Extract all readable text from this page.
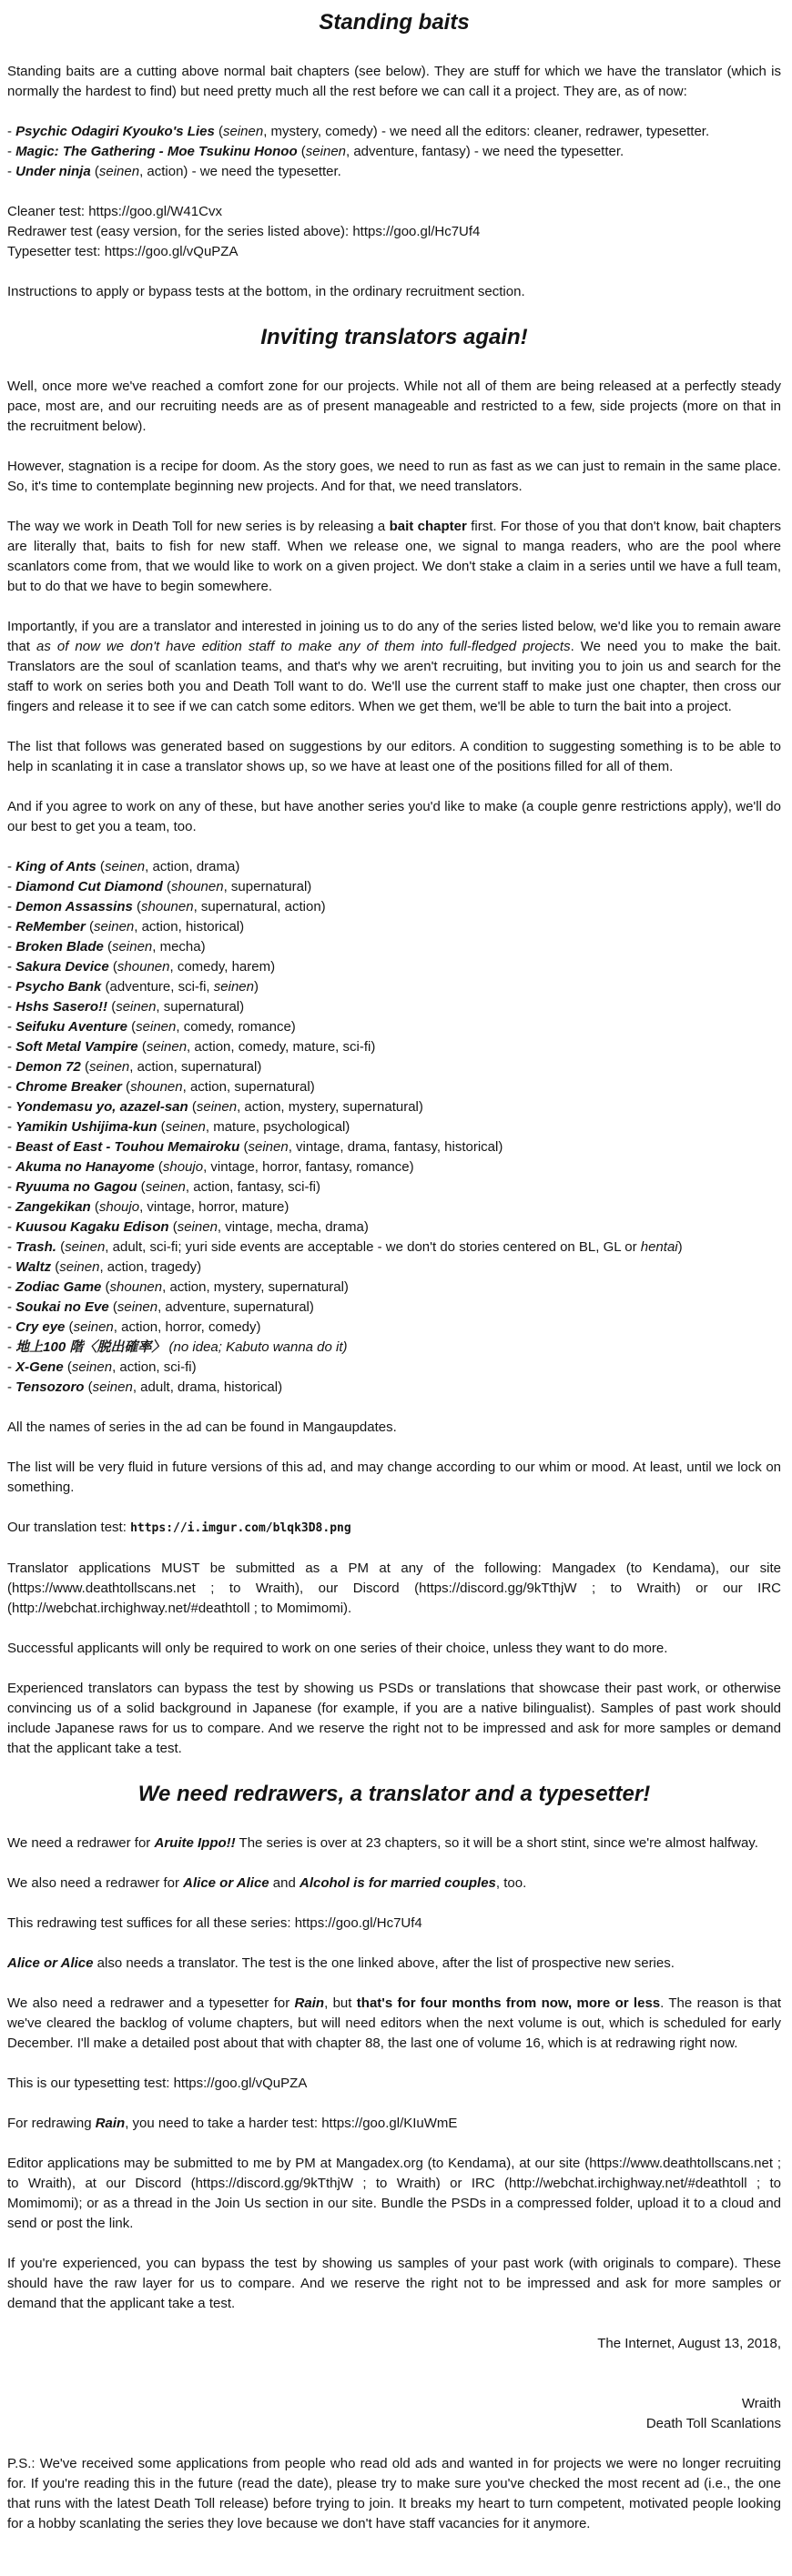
Standing baits

Standing baits are a cutting above normal bait chapters (see below). They are stuff for which we have the translator (which is normally the hardest to find) but need pretty much all the rest before we can call it a project. They are, as of now:

- Psychic Odagiri Kyouko's Lies (seinen, mystery, comedy) - we need all the editors: cleaner, redrawer, typesetter.
- Magic: The Gathering - Moe Tsukinu Honoo (seinen, adventure, fantasy) - we need the typesetter.
- Under ninja (seinen, action) - we need the typesetter.
Cleaner test: https://goo.gl/W41Cvx
Redrawer test (easy version, for the series listed above): https://goo.gl/Hc7Uf4
Typesetter test: https://goo.gl/vQuPZA

Instructions to apply or bypass tests at the bottom, in the ordinary recruitment section.

Inviting translators again!

Well, once more we've reached a comfort zone for our projects. While not all of them are being released at a perfectly steady pace, most are, and our recruiting needs are as of present manageable and restricted to a few, side projects (more on that in the recruitment below).

However, stagnation is a recipe for doom. As the story goes, we need to run as fast as we can just to remain in the same place. So, it's time to contemplate beginning new projects. And for that, we need translators.

The way we work in Death Toll for new series is by releasing a bait chapter first. For those of you that don't know, bait chapters are literally that, baits to fish for new staff. When we release one, we signal to manga readers, who are the pool where scanlators come from, that we would like to work on a given project. We don't stake a claim in a series until we have a full team, but to do that we have to begin somewhere.

Importantly, if you are a translator and interested in joining us to do any of the series listed below, we'd like you to remain aware that as of now we don't have edition staff to make any of them into full-fledged projects. We need you to make the bait. Translators are the soul of scanlation teams, and that's why we aren't recruiting, but inviting you to join us and search for the staff to work on series both you and Death Toll want to do. We'll use the current staff to make just one chapter, then cross our fingers and release it to see if we can catch some editors. When we get them, we'll be able to turn the bait into a project.

The list that follows was generated based on suggestions by our editors. A condition to suggesting something is to be able to help in scanlating it in case a translator shows up, so we have at least one of the positions filled for all of them.

And if you agree to work on any of these, but have another series you'd like to make (a couple genre restrictions apply), we'll do our best to get you a team, too.

- King of Ants (seinen, action, drama)
- Diamond Cut Diamond (shounen, supernatural)
- Demon Assassins (shounen, supernatural, action)
- ReMember (seinen, action, historical)
- Broken Blade (seinen, mecha)
- Sakura Device (shounen, comedy, harem)
- Psycho Bank (adventure, sci-fi, seinen)
- Hshs Sasero!! (seinen, supernatural)
- Seifuku Aventure (seinen, comedy, romance)
- Soft Metal Vampire (seinen, action, comedy, mature, sci-fi)
- Demon 72 (seinen, action, supernatural)
- Chrome Breaker (shounen, action, supernatural)
- Yondemasu yo, azazel-san (seinen, action, mystery, supernatural)
- Yamikin Ushijima-kun (seinen, mature, psychological)
- Beast of East - Touhou Memairoku (seinen, vintage, drama, fantasy, historical)
- Akuma no Hanayome (shoujo, vintage, horror, fantasy, romance)
- Ryuuma no Gagou (seinen, action, fantasy, sci-fi)
- Zangekikan (shoujo, vintage, horror, mature)
- Kuusou Kagaku Edison (seinen, vintage, mecha, drama)
- Trash. (seinen, adult, sci-fi; yuri side events are acceptable - we don't do stories centered on BL, GL or hentai)
- Waltz (seinen, action, tragedy)
- Zodiac Game (shounen, action, mystery, supernatural)
- Soukai no Eve (seinen, adventure, supernatural)
- Cry eye (seinen, action, horror, comedy)
- 地上100 階〈脱出確率〉 (no idea; Kabuto wanna do it)
- X-Gene (seinen, action, sci-fi)
- Tensozoro (seinen, adult, drama, historical)

All the names of series in the ad can be found in Mangaupdates.

The list will be very fluid in future versions of this ad, and may change according to our whim or mood. At least, until we lock on something.

Our translation test: https://i.imgur.com/blqk3D8.png

Translator applications MUST be submitted as a PM at any of the following: Mangadex (to Kendama), our site (https://www.deathtollscans.net ; to Wraith), our Discord (https://discord.gg/9kTthjW ; to Wraith) or our IRC (http://webchat.irchighway.net/#deathtoll ; to Momimomi).

Successful applicants will only be required to work on one series of their choice, unless they want to do more.

Experienced translators can bypass the test by showing us PSDs or translations that showcase their past work, or otherwise convincing us of a solid background in Japanese (for example, if you are a native bilingualist). Samples of past work should include Japanese raws for us to compare. And we reserve the right not to be impressed and ask for more samples or demand that the applicant take a test.

We need redrawers, a translator and a typesetter!

We need a redrawer for Aruite Ippo!! The series is over at 23 chapters, so it will be a short stint, since we're almost halfway.

We also need a redrawer for Alice or Alice and Alcohol is for married couples, too.

This redrawing test suffices for all these series: https://goo.gl/Hc7Uf4

Alice or Alice also needs a translator. The test is the one linked above, after the list of prospective new series.

We also need a redrawer and a typesetter for Rain, but that's for four months from now, more or less. The reason is that we've cleared the backlog of volume chapters, but will need editors when the next volume is out, which is scheduled for early December. I'll make a detailed post about that with chapter 88, the last one of volume 16, which is at redrawing right now.

This is our typesetting test: https://goo.gl/vQuPZA

For redrawing Rain, you need to take a harder test: https://goo.gl/KIuWmE

Editor applications may be submitted to me by PM at Mangadex.org (to Kendama), at our site (https://www.deathtollscans.net ; to Wraith), at our Discord (https://discord.gg/9kTthjW ; to Wraith) or IRC (http://webchat.irchighway.net/#deathtoll ; to Momimomi); or as a thread in the Join Us section in our site. Bundle the PSDs in a compressed folder, upload it to a cloud and send or post the link.

If you're experienced, you can bypass the test by showing us samples of your past work (with originals to compare). These should have the raw layer for us to compare. And we reserve the right not to be impressed and ask for more samples or demand that the applicant take a test.

The Internet, August 13, 2018,

Wraith
Death Toll Scanlations

P.S.: We've received some applications from people who read old ads and wanted in for projects we were no longer recruiting for. If you're reading this in the future (read the date), please try to make sure you've checked the most recent ad (i.e., the one that runs with the latest Death Toll release) before trying to join. It breaks my heart to turn competent, motivated people looking for a hobby scanlating the series they love because we don't have staff vacancies for it anymore.
